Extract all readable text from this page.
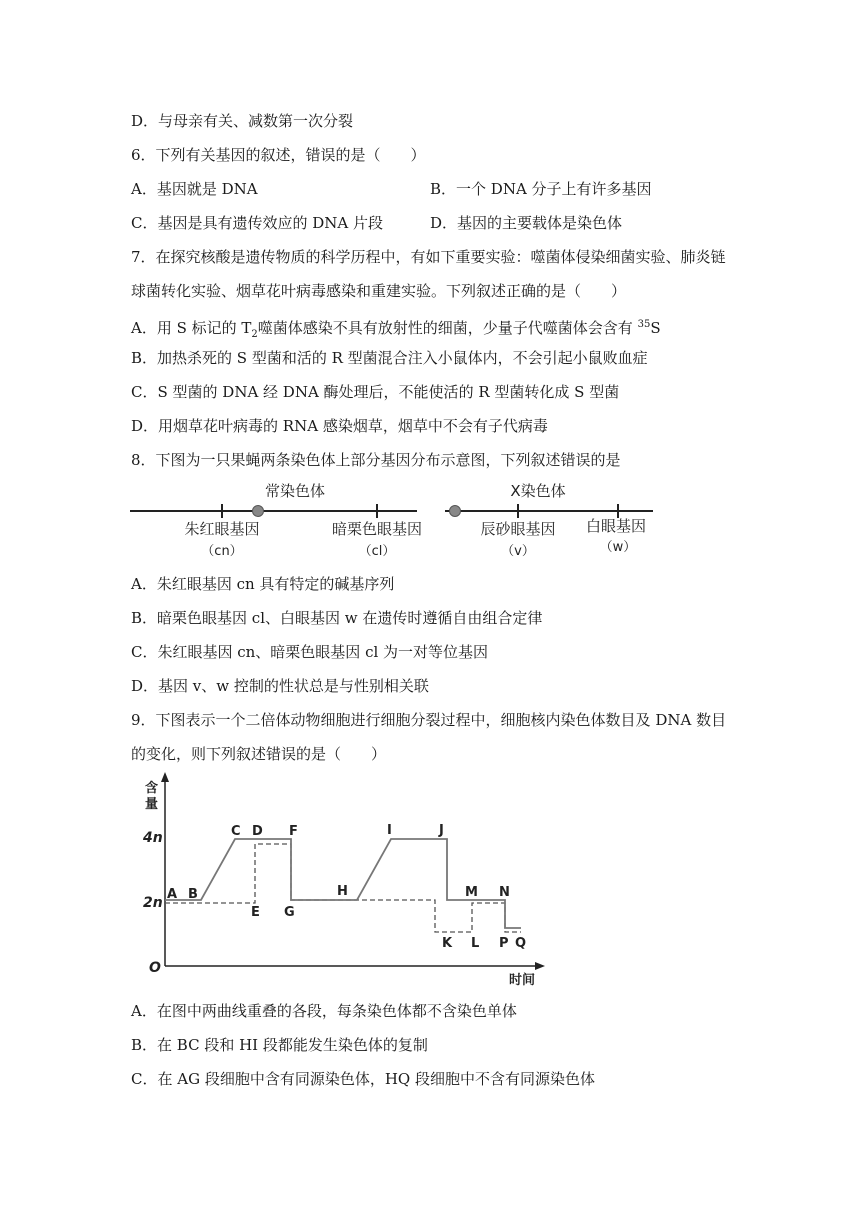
D．与母亲有关、减数第一次分裂
6．下列有关基因的叙述，错误的是（　　）
A．基因就是 DNA	B．一个 DNA 分子上有许多基因
C．基因是具有遗传效应的 DNA 片段	D．基因的主要载体是染色体
7．在探究核酸是遗传物质的科学历程中，有如下重要实验：噬菌体侵染细菌实验、肺炎链
球菌转化实验、烟草花叶病毒感染和重建实验。下列叙述正确的是（　　）
A．用 S 标记的 $T_2$噬菌体感染不具有放射性的细菌，少量子代噬菌体会含有 $^{35}$S
B．加热杀死的 S 型菌和活的 R 型菌混合注入小鼠体内，不会引起小鼠败血症
C．S 型菌的 DNA 经 DNA 酶处理后，不能使活的 R 型菌转化成 S 型菌
D．用烟草花叶病毒的 RNA 感染烟草，烟草中不会有子代病毒
8．下图为一只果蝇两条染色体上部分基因分布示意图，下列叙述错误的是
常染色体
朱红眼基因
（cn）
暗栗色眼基因
（cl）
X染色体
辰砂眼基因
（v）
白眼基因
（w）
A．朱红眼基因 cn 具有特定的碱基序列
B．暗栗色眼基因 cl、白眼基因 w 在遗传时遵循自由组合定律
C．朱红眼基因 cn、暗栗色眼基因 cl 为一对等位基因
D．基因 v、w 控制的性状总是与性别相关联
9．下图表示一个二倍体动物细胞进行细胞分裂过程中，细胞核内染色体数目及 DNA 数目
的变化，则下列叙述错误的是（　　）
含
量
4n
2n
O
时间
A B
C D
E
F
G
H
I	J
K L
M N
P Q
A．在图中两曲线重叠的各段，每条染色体都不含染色单体
B．在 BC 段和 HI 段都能发生染色体的复制
C．在 AG 段细胞中含有同源染色体，HQ 段细胞中不含有同源染色体
